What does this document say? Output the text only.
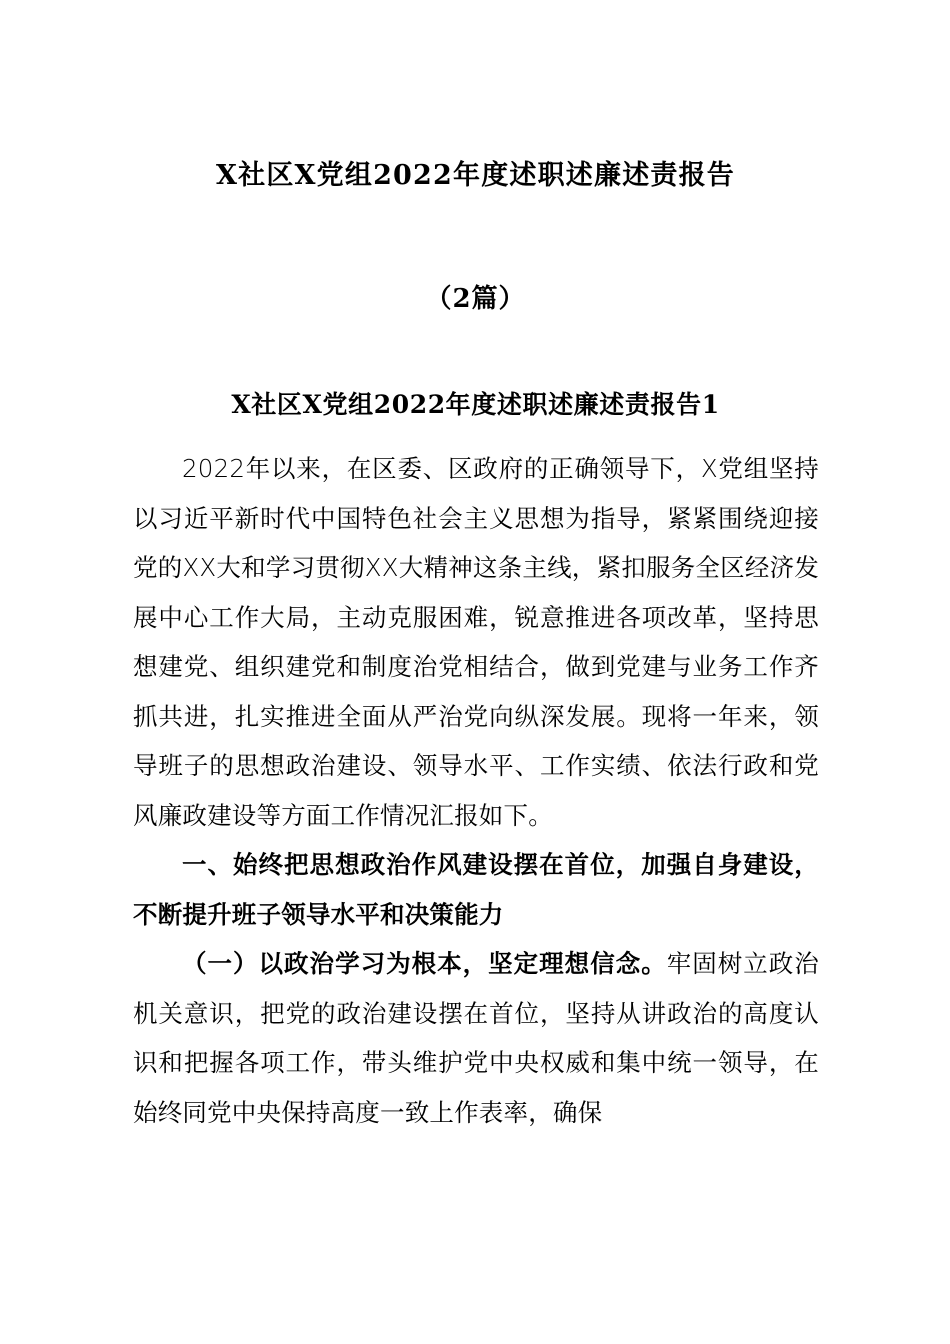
X社区X党组2022年度述职述廉述责报告
（2篇）
X社区X党组2022年度述职述廉述责报告1

2022年以来，在区委、区政府的正确领导下，X党组坚持以习近平新时代中国特色社会主义思想为指导，紧紧围绕迎接党的XX大和学习贯彻XX大精神这条主线，紧扣服务全区经济发展中心工作大局，主动克服困难，锐意推进各项改革，坚持思想建党、组织建党和制度治党相结合，做到党建与业务工作齐抓共进，扎实推进全面从严治党向纵深发展。现将一年来，领导班子的思想政治建设、领导水平、工作实绩、依法行政和党风廉政建设等方面工作情况汇报如下。

一、始终把思想政治作风建设摆在首位，加强自身建设，不断提升班子领导水平和决策能力

（一）以政治学习为根本，坚定理想信念。牢固树立政治机关意识，把党的政治建设摆在首位，坚持从讲政治的高度认识和把握各项工作，带头维护党中央权威和集中统一领导，在始终同党中央保持高度一致上作表率，确保
